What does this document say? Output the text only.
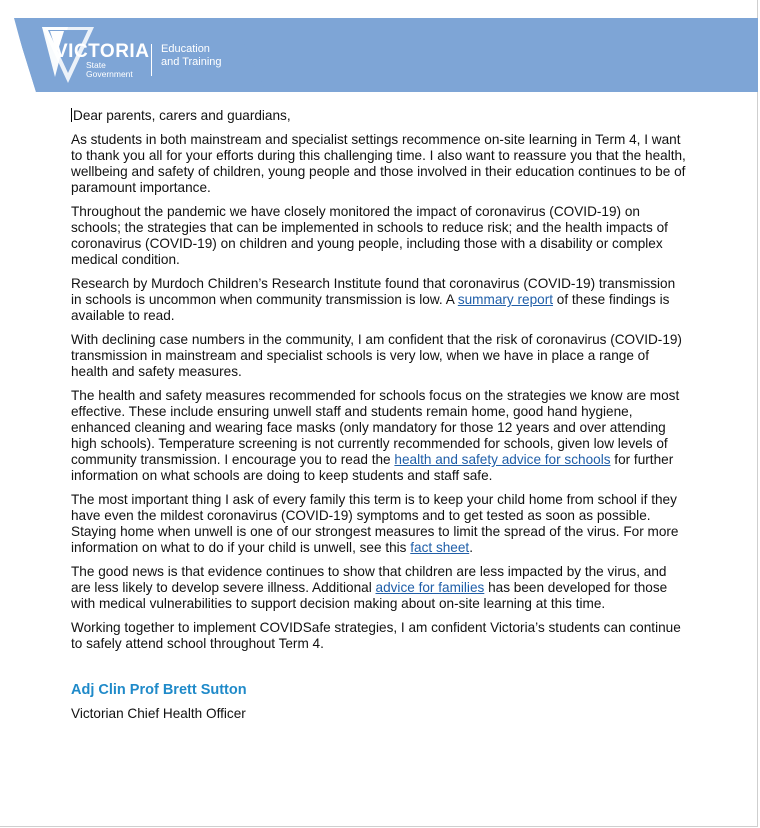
VICTORIA
State Government
Education
and Training

Dear parents, carers and guardians,

As students in both mainstream and specialist settings recommence on-site learning in Term 4, I want to thank you all for your efforts during this challenging time. I also want to reassure you that the health, wellbeing and safety of children, young people and those involved in their education continues to be of paramount importance.

Throughout the pandemic we have closely monitored the impact of coronavirus (COVID-19) on schools; the strategies that can be implemented in schools to reduce risk; and the health impacts of coronavirus (COVID-19) on children and young people, including those with a disability or complex medical condition.

Research by Murdoch Children’s Research Institute found that coronavirus (COVID-19) transmission in schools is uncommon when community transmission is low. A summary report of these findings is available to read.

With declining case numbers in the community, I am confident that the risk of coronavirus (COVID-19) transmission in mainstream and specialist schools is very low, when we have in place a range of health and safety measures.

The health and safety measures recommended for schools focus on the strategies we know are most effective. These include ensuring unwell staff and students remain home, good hand hygiene, enhanced cleaning and wearing face masks (only mandatory for those 12 years and over attending high schools). Temperature screening is not currently recommended for schools, given low levels of community transmission. I encourage you to read the health and safety advice for schools for further information on what schools are doing to keep students and staff safe.

The most important thing I ask of every family this term is to keep your child home from school if they have even the mildest coronavirus (COVID-19) symptoms and to get tested as soon as possible. Staying home when unwell is one of our strongest measures to limit the spread of the virus. For more information on what to do if your child is unwell, see this fact sheet.

The good news is that evidence continues to show that children are less impacted by the virus, and are less likely to develop severe illness. Additional advice for families has been developed for those with medical vulnerabilities to support decision making about on-site learning at this time.

Working together to implement COVIDSafe strategies, I am confident Victoria’s students can continue to safely attend school throughout Term 4.

Adj Clin Prof Brett Sutton
Victorian Chief Health Officer
